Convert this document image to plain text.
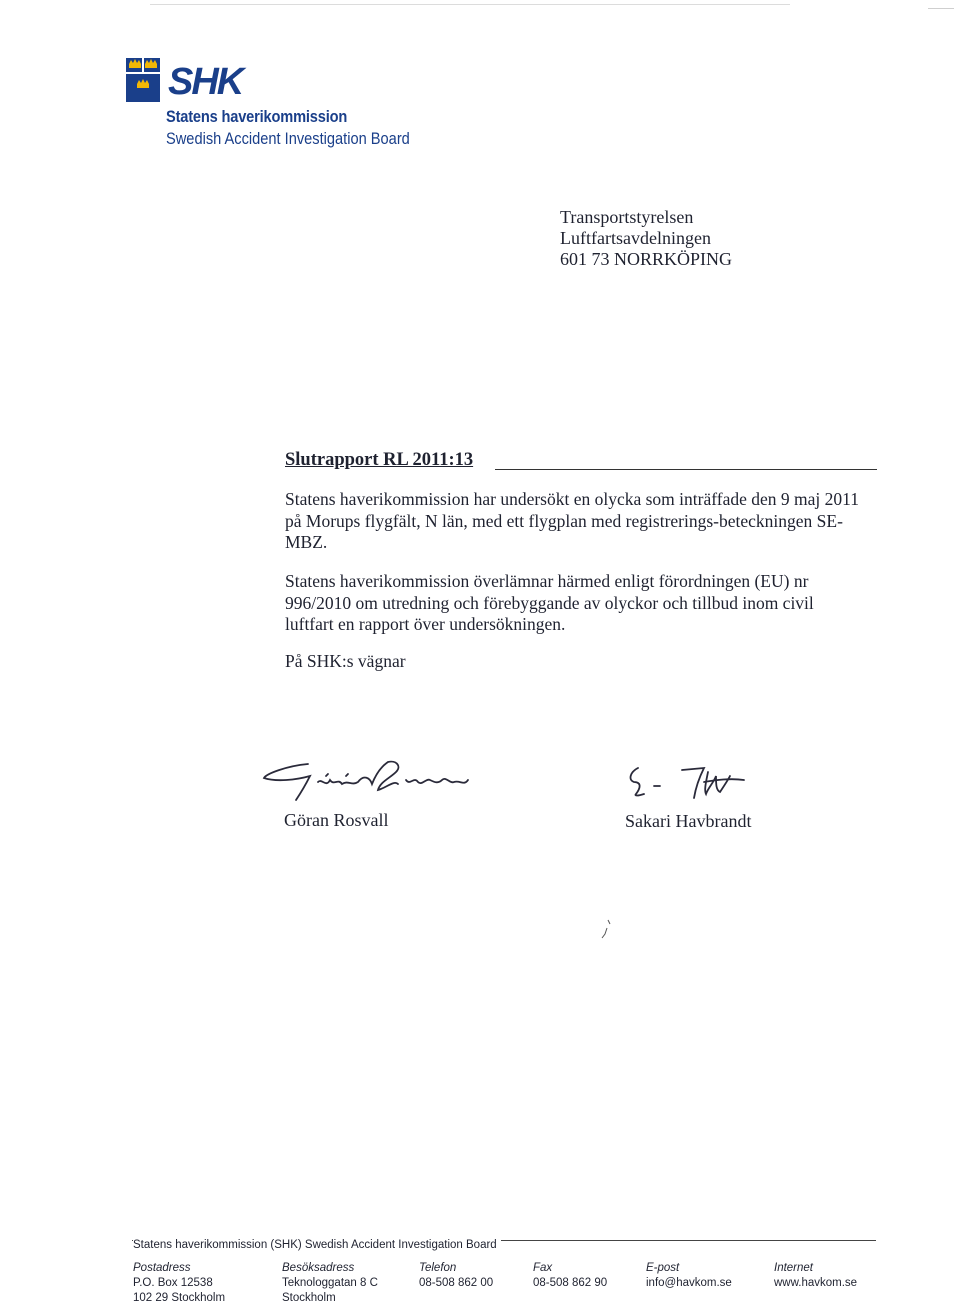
SHK
Statens haverikommission
Swedish Accident Investigation Board
Transportstyrelsen
Luftfartsavdelningen
601 73 NORRKÖPING
Slutrapport RL 2011:13
Statens haverikommission har undersökt en olycka som inträffade den 9 maj 2011 på Morups flygfält, N län, med ett flygplan med registrerings-beteckningen SE-MBZ.
Statens haverikommission överlämnar härmed enligt förordningen (EU) nr 996/2010 om utredning och förebyggande av olyckor och tillbud inom civil luftfart en rapport över undersökningen.
På SHK:s vägnar
Göran Rosvall	Sakari Havbrandt
Statens haverikommission (SHK) Swedish Accident Investigation Board
Postadress
P.O. Box 12538
102 29 Stockholm
Besöksadress
Teknologgatan 8 C
Stockholm
Telefon
08-508 862 00
Fax
08-508 862 90
E-post
info@havkom.se
Internet
www.havkom.se
